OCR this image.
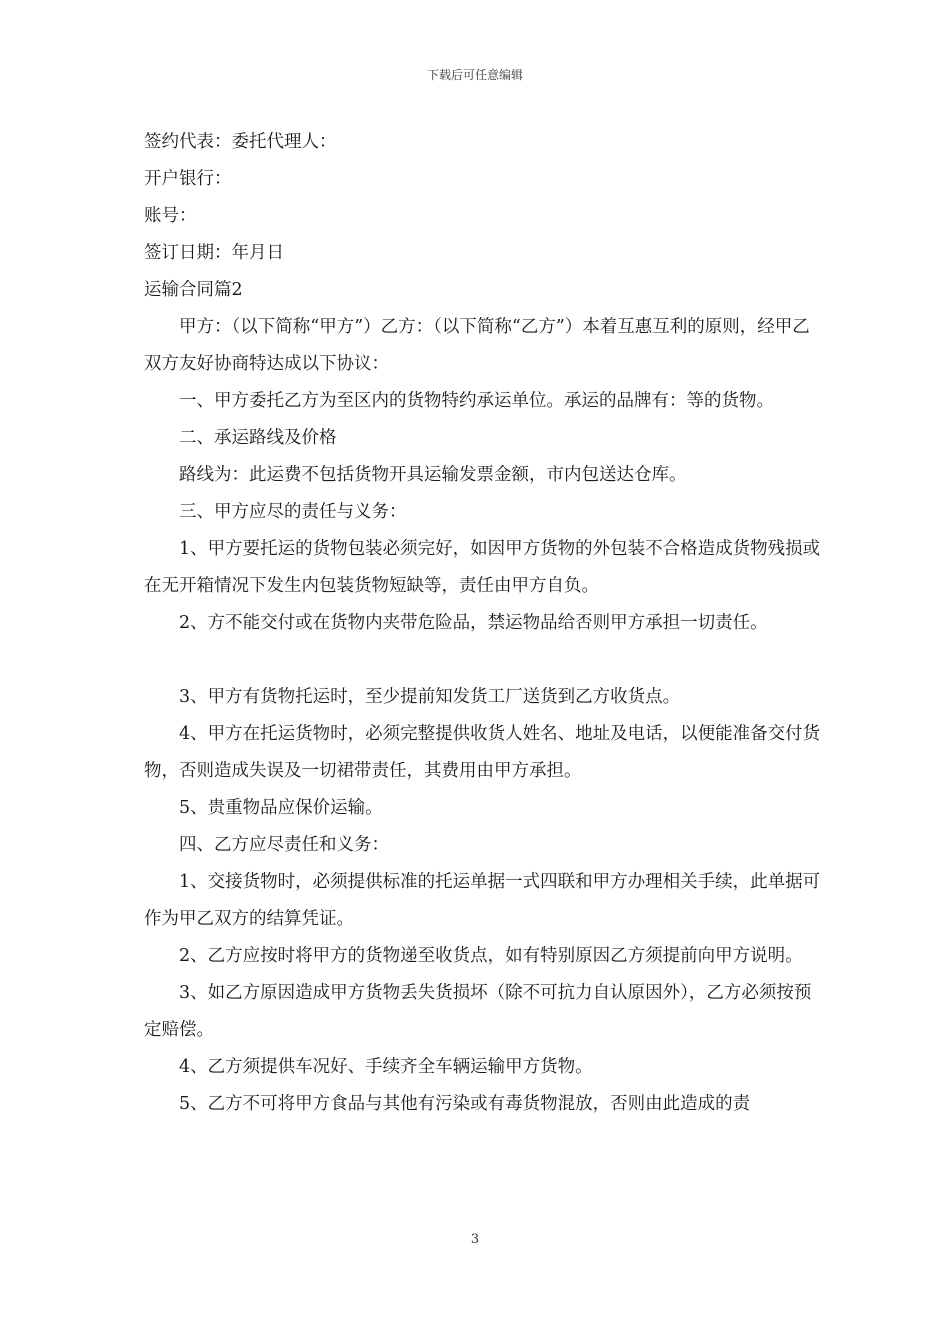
下载后可任意编辑

签约代表：委托代理人：

开户银行：

账号：

签订日期：年月日

运输合同篇2

甲方：（以下简称“甲方”）乙方：（以下简称“乙方”）本着互惠互利的原则，经甲乙双方友好协商特达成以下协议：

一、甲方委托乙方为至区内的货物特约承运单位。承运的品牌有：等的货物。

二、承运路线及价格

路线为：此运费不包括货物开具运输发票金额，市内包送达仓库。

三、甲方应尽的责任与义务：

1、甲方要托运的货物包装必须完好，如因甲方货物的外包装不合格造成货物残损或在无开箱情况下发生内包装货物短缺等，责任由甲方自负。

2、方不能交付或在货物内夹带危险品，禁运物品给否则甲方承担一切责任。

3、甲方有货物托运时，至少提前知发货工厂送货到乙方收货点。

4、甲方在托运货物时，必须完整提供收货人姓名、地址及电话，以便能准备交付货物，否则造成失误及一切裙带责任，其费用由甲方承担。

5、贵重物品应保价运输。

四、乙方应尽责任和义务：

1、交接货物时，必须提供标准的托运单据一式四联和甲方办理相关手续，此单据可作为甲乙双方的结算凭证。

2、乙方应按时将甲方的货物递至收货点，如有特别原因乙方须提前向甲方说明。

3、如乙方原因造成甲方货物丢失货损坏（除不可抗力自认原因外），乙方必须按预定赔偿。

4、乙方须提供车况好、手续齐全车辆运输甲方货物。

5、乙方不可将甲方食品与其他有污染或有毒货物混放，否则由此造成的责

3
